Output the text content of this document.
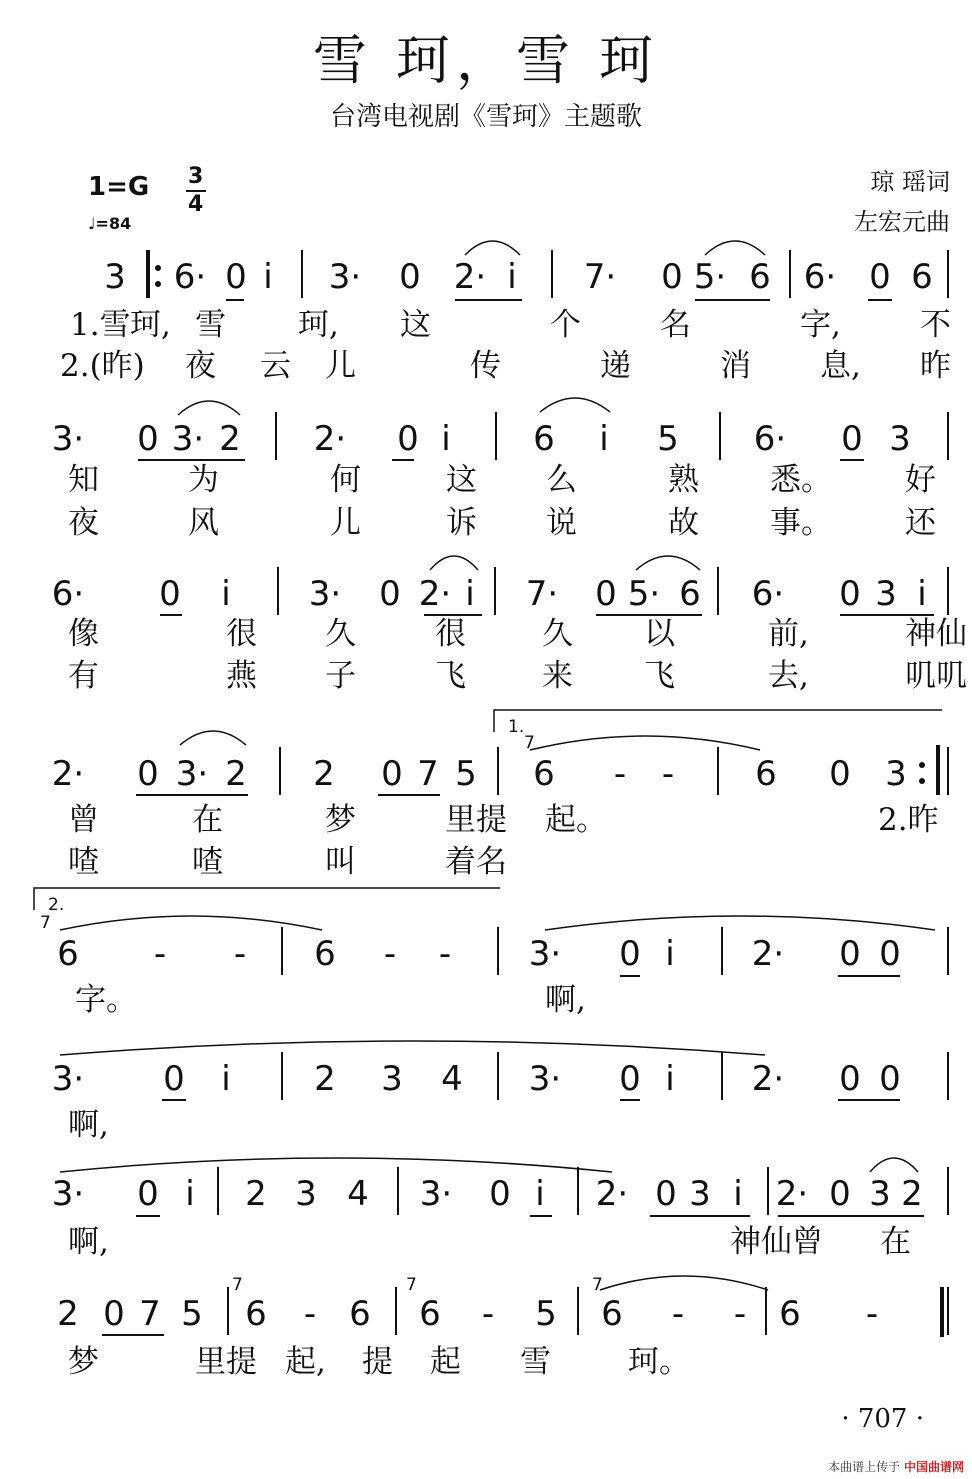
雪 珂，雪 珂
台湾电视剧《雪珂》主题歌
1=G 3
4
♩=84
琼 瑶词
左宏元曲
6· 0 i 3· 0 2· i 7· 0 5· 6 6· 0 6
1.雪 珂, 雪 珂, 这	个	名	字,	不
2.(昨) 夜 云 儿	传	递	消 息, 昨
3· 0 3· 2 2· 0 i 6 i 5 6· 0 3
知	为	何	这 么	熟 悉。 好
夜	风	儿	诉 说	故 事。 还
6· 0 i 3· 0 2· i 7· 0 5· 6 6· 0 3 i
像	很 久	很 久 以	前,	神仙
有	燕 子	飞 来 飞	去,	叽叽
2· 0 3· 2 2 0 7 5 6 - - 6 0 3
曾	在	梦	里提 起。	2.昨
喳	喳	叫	着名
1.
6 - - 6 - - 3· 0 i 2· 0 0
字。	啊,
2.
3· 0 i 2 3 4 3· 0 i 2· 0 0
啊,
3· 0 i 2 3 4 3· 0 i 2· 0 3 i 2· 0 3 2
啊,	神仙曾 在
2 0 7 5 6 - 6 6 - 5 6 - - 6 -
梦	里提 起, 提 起 雪 珂。
3
7
7
7	7	7
· 707 ·
本曲谱上传于 中国曲谱网
